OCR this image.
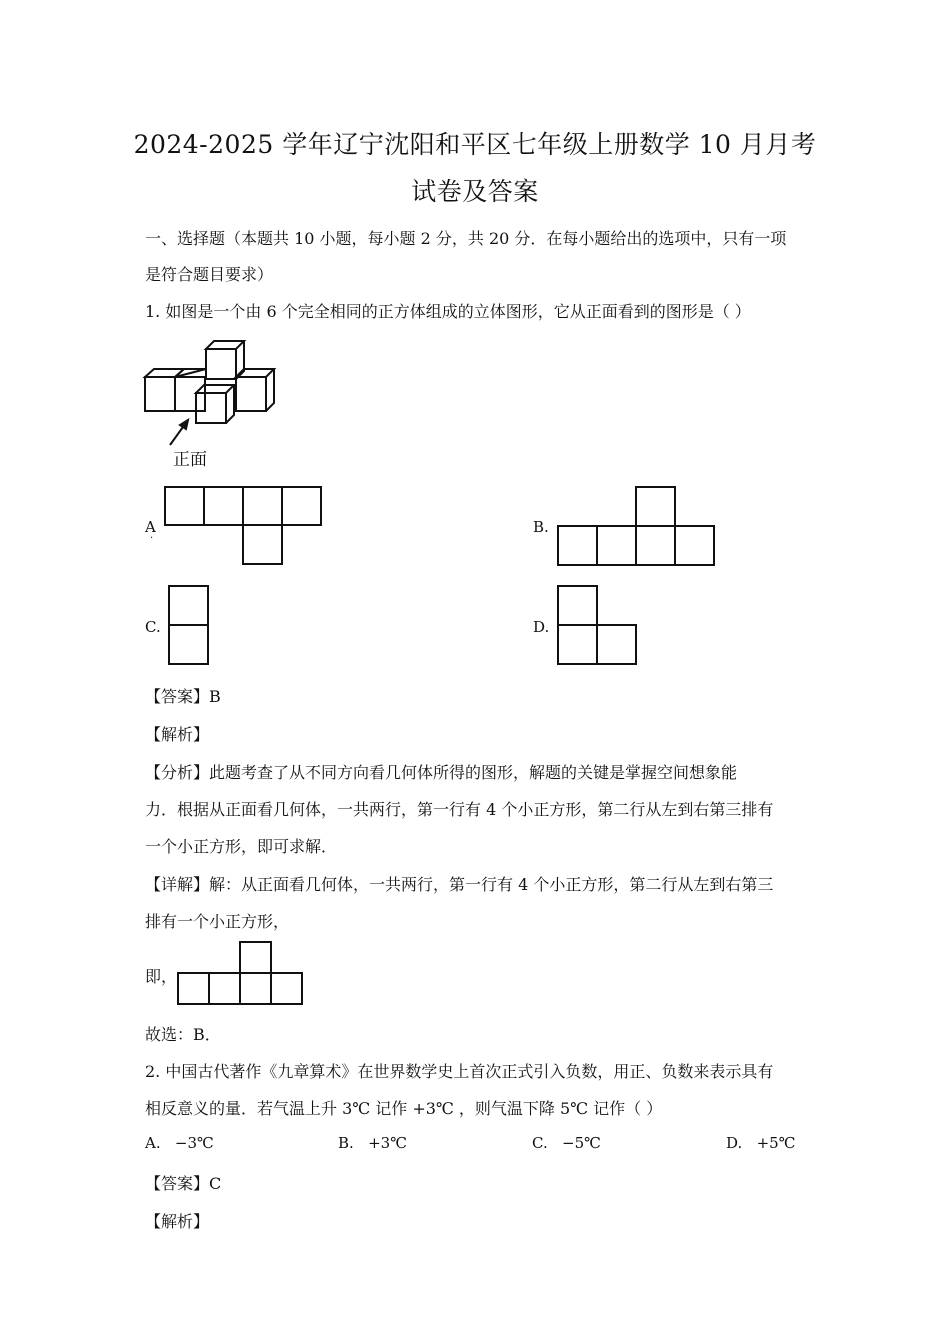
2024-2025 学年辽宁沈阳和平区七年级上册数学 10 月月考
试卷及答案
一、选择题（本题共 10 小题，每小题 2 分，共 20 分．在每小题给出的选项中，只有一项
是符合题目要求）
1. 如图是一个由 6 个完全相同的正方体组成的立体图形，它从正面看到的图形是（ ）
正面
A
·
B.
C.	D.
【答案】B
【解析】
【分析】此题考查了从不同方向看几何体所得的图形，解题的关键是掌握空间想象能
力．根据从正面看几何体，一共两行，第一行有 4 个小正方形，第二行从左到右第三排有
一个小正方形，即可求解．
【详解】解：从正面看几何体，一共两行，第一行有 4 个小正方形，第二行从左到右第三
排有一个小正方形，
即，
故选：B．
2. 中国古代著作《九章算术》在世界数学史上首次正式引入负数，用正、负数来表示具有
相反意义的量．若气温上升 3℃ 记作 +3℃ ，则气温下降 5℃ 记作（ ）
A. −3℃	B. +3℃	C. −5℃	D. +5℃
【答案】C
【解析】
